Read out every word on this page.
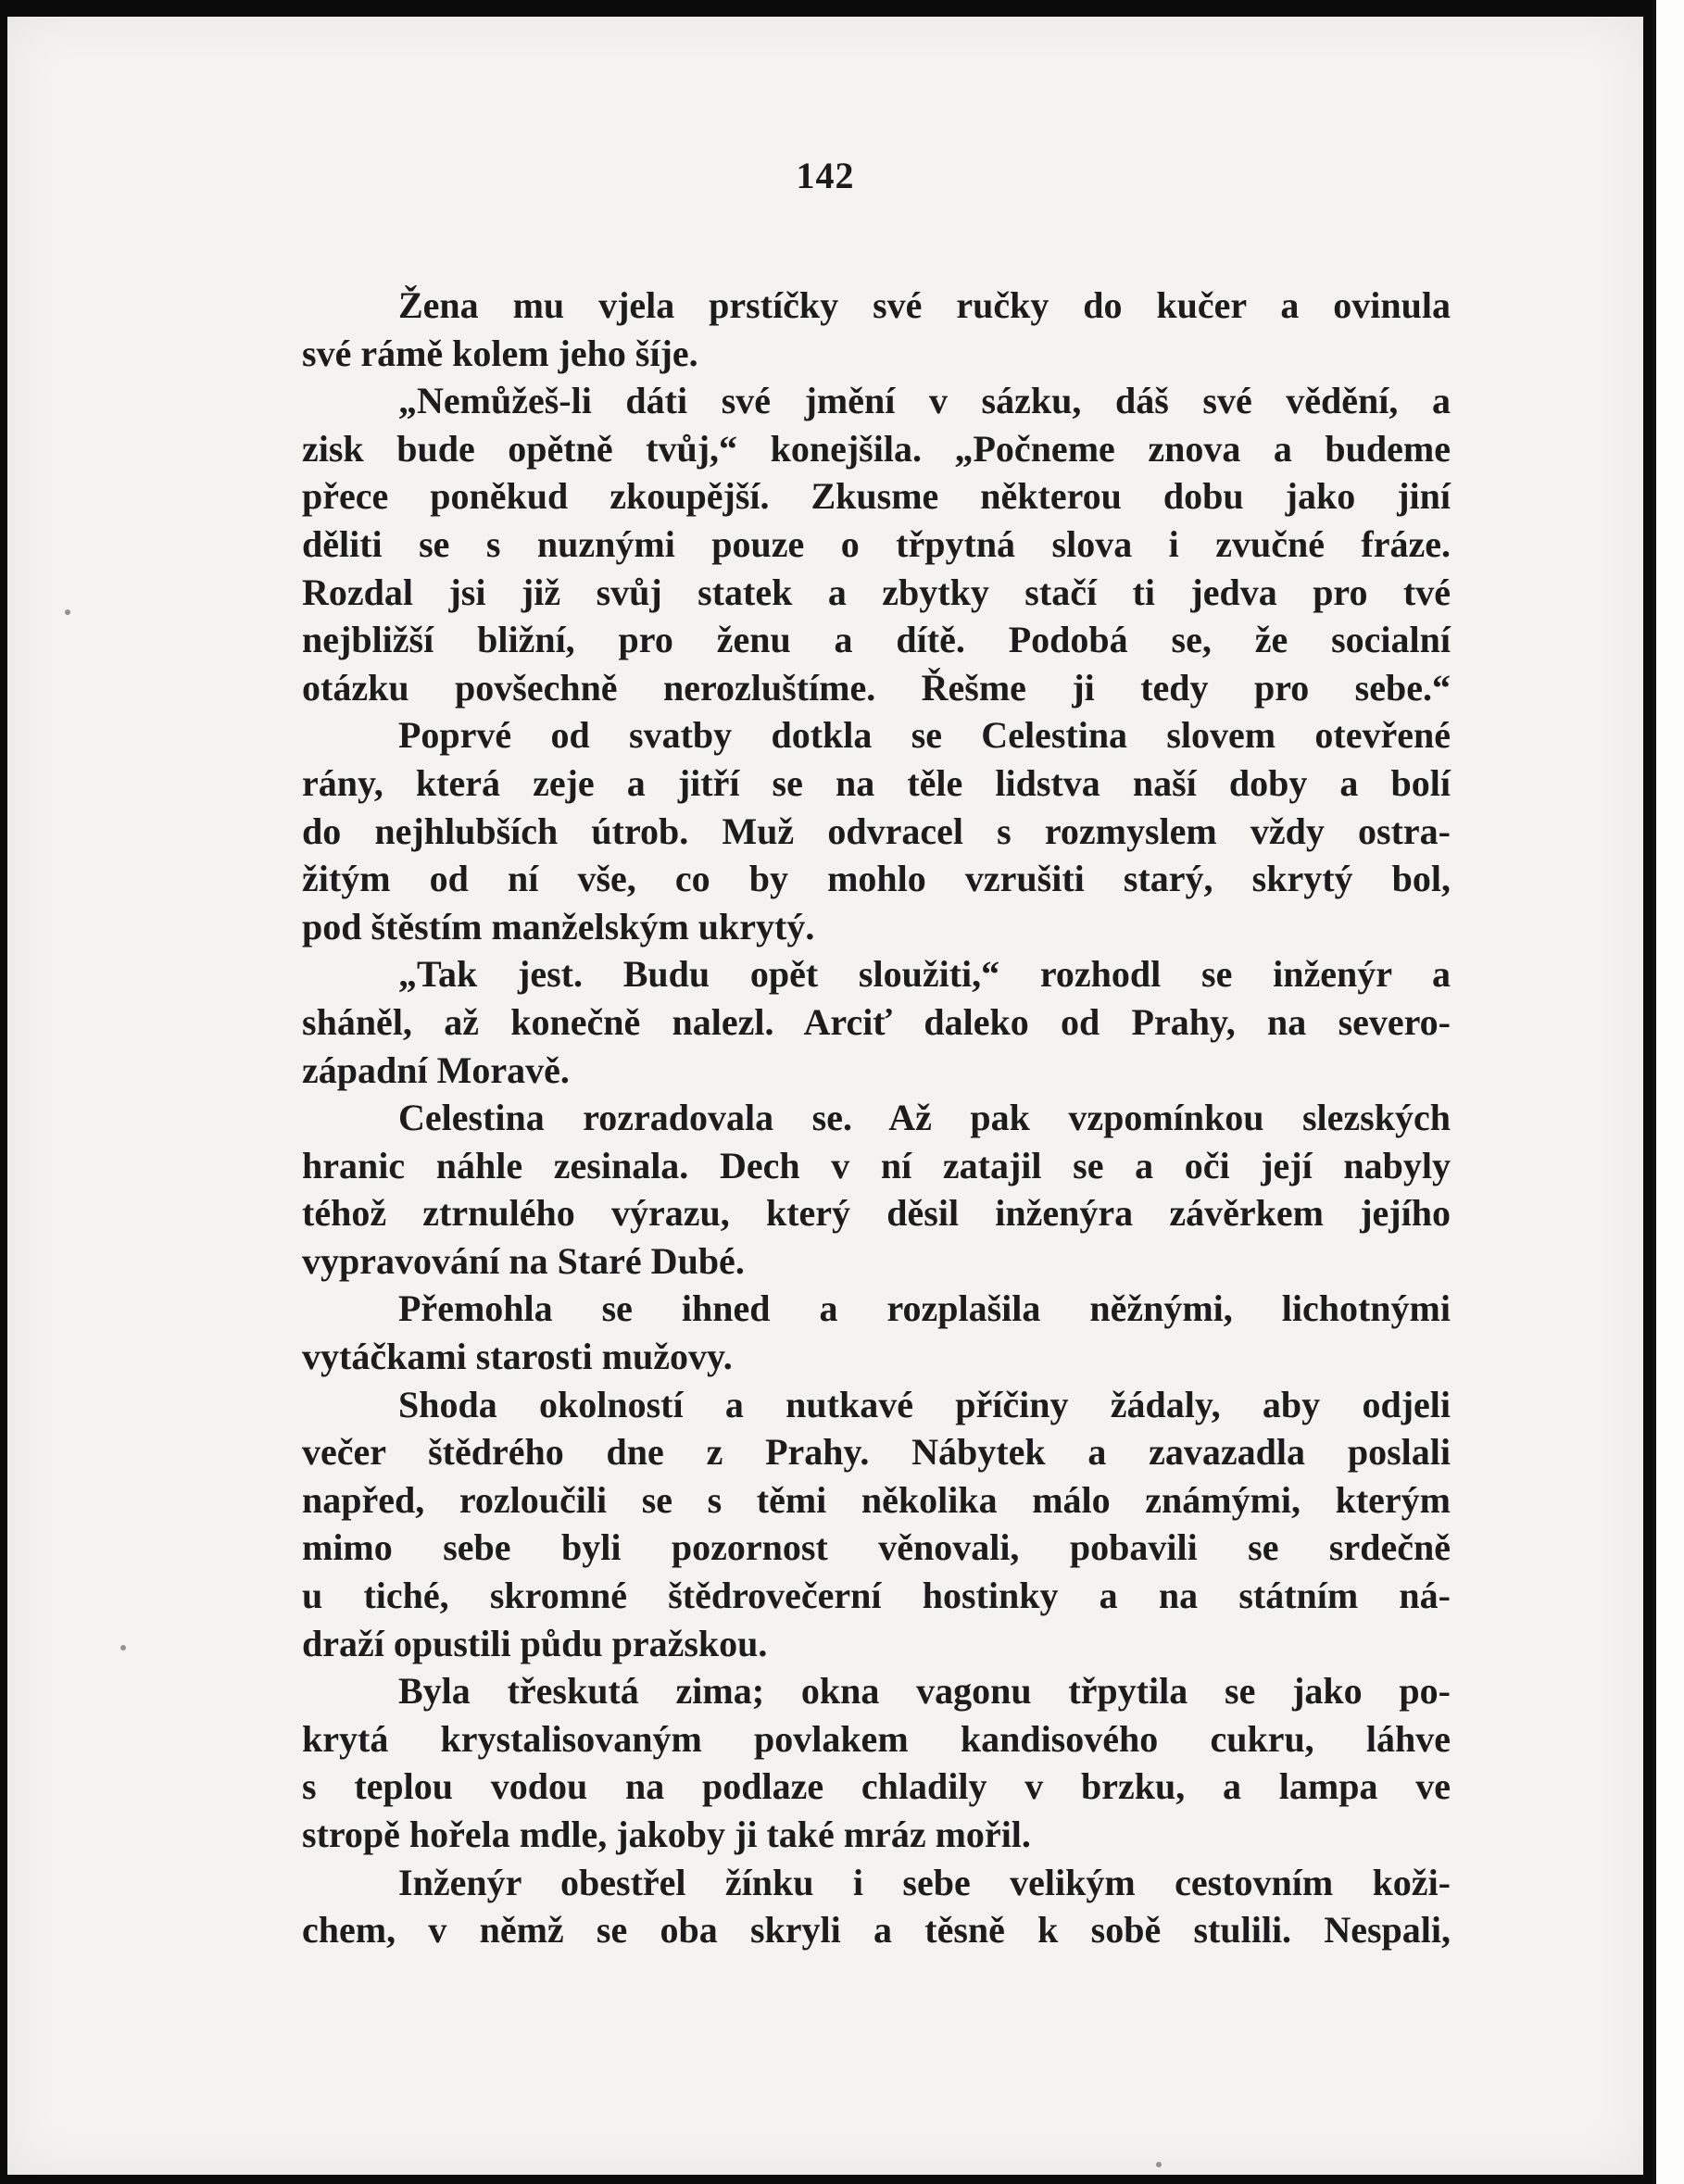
142
Žena mu vjela prstíčky své ručky do kučer a ovinula
své rámě kolem jeho šíje.
„Nemůžeš-li dáti své jmění v sázku, dáš své vědění, a
zisk bude opětně tvůj,“ konejšila. „Počneme znova a budeme
přece poněkud zkoupější. Zkusme některou dobu jako jiní
děliti se s nuznými pouze o třpytná slova i zvučné fráze.
Rozdal jsi již svůj statek a zbytky stačí ti jedva pro tvé
nejbližší bližní, pro ženu a dítě. Podobá se, že socialní
otázku povšechně nerozluštíme. Řešme ji tedy pro sebe.“
Poprvé od svatby dotkla se Celestina slovem otevřené
rány, která zeje a jitří se na těle lidstva naší doby a bolí
do nejhlubších útrob. Muž odvracel s rozmyslem vždy ostra-
žitým od ní vše, co by mohlo vzrušiti starý, skrytý bol,
pod štěstím manželským ukrytý.
„Tak jest. Budu opět sloužiti,“ rozhodl se inženýr a
sháněl, až konečně nalezl. Arciť daleko od Prahy, na severo-
západní Moravě.
Celestina rozradovala se. Až pak vzpomínkou slezských
hranic náhle zesinala. Dech v ní zatajil se a oči její nabyly
téhož ztrnulého výrazu, který děsil inženýra závěrkem jejího
vypravování na Staré Dubé.
Přemohla se ihned a rozplašila něžnými, lichotnými
vytáčkami starosti mužovy.
Shoda okolností a nutkavé příčiny žádaly, aby odjeli
večer štědrého dne z Prahy. Nábytek a zavazadla poslali
napřed, rozloučili se s těmi několika málo známými, kterým
mimo sebe byli pozornost věnovali, pobavili se srdečně
u tiché, skromné štědrovečerní hostinky a na státním ná-
draží opustili půdu pražskou.
Byla třeskutá zima; okna vagonu třpytila se jako po-
krytá krystalisovaným povlakem kandisového cukru, láhve
s teplou vodou na podlaze chladily v brzku, a lampa ve
stropě hořela mdle, jakoby ji také mráz mořil.
Inženýr obestřel žínku i sebe velikým cestovním koži-
chem, v němž se oba skryli a těsně k sobě stulili. Nespali,
